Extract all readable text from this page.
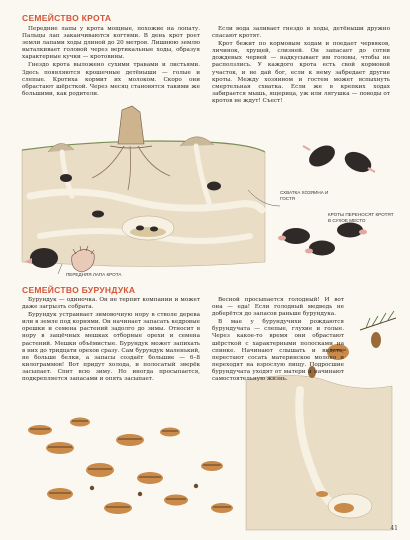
СЕМЕЙСТВО КРОТА

Передние лапы у крота мощные, похожие на лопату. Пальцы лап заканчиваются когтями. В день крот роет земли лапами ходы длиной до 20 метров. Лишнюю землю выталкивает головой через вертикальные ходы, образуя характерные кучки — кротовины.

Гнездо крота выложено сухими травами и листьями. Здесь появляются крошечные детёныши — голые и слепые. Кротиха кормит их молоком. Скоро они обрастают шёрсткой. Через месяц становятся такими же большими, как родители.

Если вода заливает гнездо и ходы, детёныши дружно спасают кротят.

Крот бежит по кормовым ходам и поедает червяков, личинок, хрущей, слизней. Он запасает до сотни дождевых червей — надкусывает им головы, чтобы не расползлись. У каждого крота есть свой кормовой участок, и не дай бог, если к нему забредает другие кроты. Между хозяином и гостем может вспыхнуть смертельная схватка. Если же в крепких ходах забирается мышь, ящерица, уж или лягушка — поводы от кротов не ждут! Съест!

СХВАТКА ХОЗЯИНА И ГОСТЯ
КРОТЫ ПЕРЕНОСЯТ КРОТЯТ В СУХОЕ МЕСТО
ПЕРЕДНЯЯ ЛАПА КРОТА
СЕМЕЙСТВО БУРУНДУКА

Бурундук — одиночка. Он не терпит компании и может даже загрызть собрата.

Бурундук устраивает зимовочную нору в стволе дерева или в земле под корнями. Он начинает запасать кедровые орешки и семена растений задолго до зимы. Относит в нору в защёчных мешках отборные орехи и семена растений. Мешки объёмистые. Бурундук может запихать в них до тридцати орехов сразу. Сам бурундук маленький, не больше белки, а запасы создаёт большие — 6–8 килограммов! Вот придут холода, и полосатый зверёк засыпает. Спит всю зиму. Но иногда просыпается, подкрепляется запасами и опять засыпает.

Весной просыпается голодный! И вот она — еда! Если голодный медведь не доберётся до запасов раньше бурундука.

В мае у бурундучихи рождаются бурундучата — слепые, глухие и голые. Через какое-то время они обрастают шёрсткой с характерными полосками на спинке. Начинают слышать и видеть, перестают сосать материнское молоко и переходят на взрослую пищу. Подросшие бурундучата уходят от матери и начинают самостоятельную жизнь.

41
